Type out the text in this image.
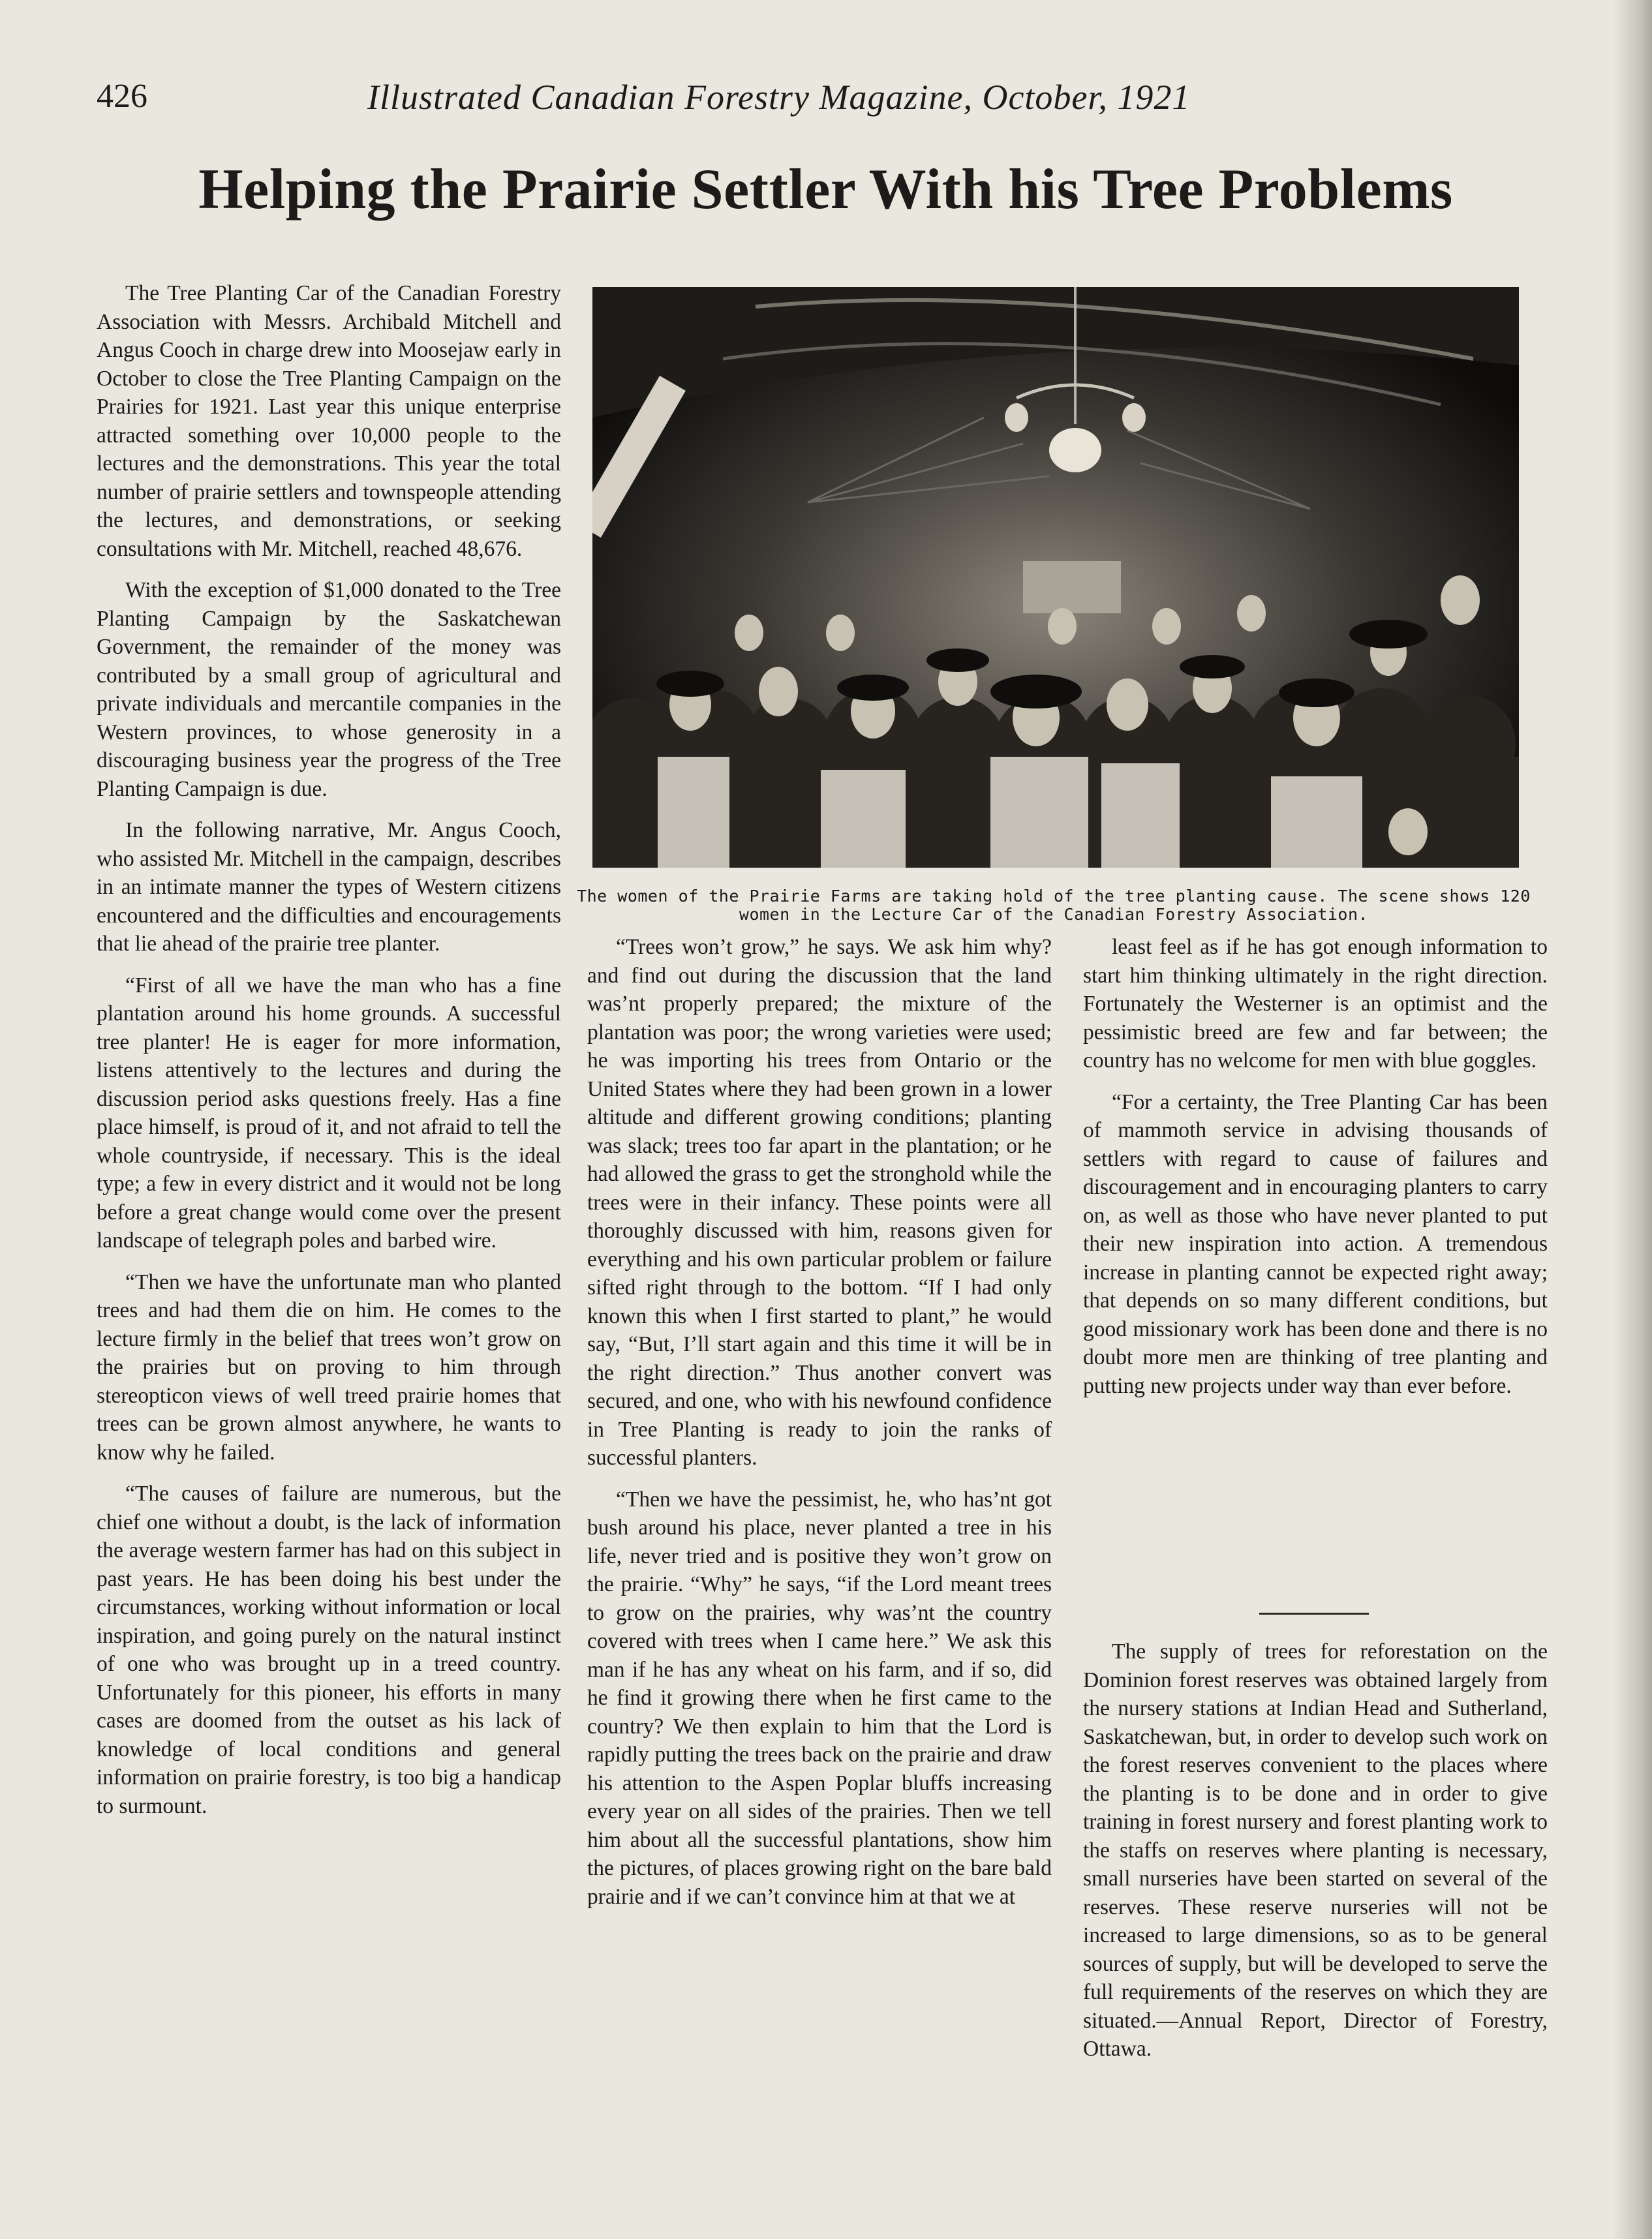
426	Illustrated Canadian Forestry Magazine, October, 1921
Helping the Prairie Settler With his Tree Problems

The Tree Planting Car of the Canadian Forestry Association with Messrs. Archibald Mitchell and Angus Cooch in charge drew into Moosejaw early in October to close the Tree Planting Campaign on the Prairies for 1921. Last year this unique enterprise attracted something over 10,000 people to the lectures and the demonstrations. This year the total number of prairie settlers and townspeople attending the lectures, and demonstrations, or seeking consultations with Mr. Mitchell, reached 48,676.

With the exception of $1,000 donated to the Tree Planting Campaign by the Saskatchewan Government, the remainder of the money was contributed by a small group of agricultural and private individuals and mercantile companies in the Western provinces, to whose generosity in a discouraging business year the progress of the Tree Planting Campaign is due.

In the following narrative, Mr. Angus Cooch, who assisted Mr. Mitchell in the campaign, describes in an intimate manner the types of Western citizens encountered and the difficulties and encouragements that lie ahead of the prairie tree planter.

“First of all we have the man who has a fine plantation around his home grounds. A successful tree planter! He is eager for more information, listens attentively to the lectures and during the discussion period asks questions freely. Has a fine place himself, is proud of it, and not afraid to tell the whole countryside, if necessary. This is the ideal type; a few in every district and it would not be long before a great change would come over the present landscape of telegraph poles and barbed wire.

“Then we have the unfortunate man who planted trees and had them die on him. He comes to the lecture firmly in the belief that trees won’t grow on the prairies but on proving to him through stereopticon views of well treed prairie homes that trees can be grown almost anywhere, he wants to know why he failed.

“The causes of failure are numerous, but the chief one without a doubt, is the lack of information the average western farmer has had on this subject in past years. He has been doing his best under the circumstances, working without information or local inspiration, and going purely on the natural instinct of one who was brought up in a treed country. Unfortunately for this pioneer, his efforts in many cases are doomed from the outset as his lack of knowledge of local conditions and general information on prairie forestry, is too big a handicap to surmount.

The women of the Prairie Farms are taking hold of the tree planting cause. The scene shows 120 women in the Lecture Car of the Canadian Forestry Association.

“Trees won’t grow,” he says. We ask him why? and find out during the discussion that the land was’nt properly prepared; the mixture of the plantation was poor; the wrong varieties were used; he was importing his trees from Ontario or the United States where they had been grown in a lower altitude and different growing conditions; planting was slack; trees too far apart in the plantation; or he had allowed the grass to get the stronghold while the trees were in their infancy. These points were all thoroughly discussed with him, reasons given for everything and his own particular problem or failure sifted right through to the bottom. “If I had only known this when I first started to plant,” he would say, “But, I’ll start again and this time it will be in the right direction.” Thus another convert was secured, and one, who with his newfound confidence in Tree Planting is ready to join the ranks of successful planters.

“Then we have the pessimist, he, who has’nt got bush around his place, never planted a tree in his life, never tried and is positive they won’t grow on the prairie. “Why” he says, “if the Lord meant trees to grow on the prairies, why was’nt the country covered with trees when I came here.” We ask this man if he has any wheat on his farm, and if so, did he find it growing there when he first came to the country? We then explain to him that the Lord is rapidly putting the trees back on the prairie and draw his attention to the Aspen Poplar bluffs increasing every year on all sides of the prairies. Then we tell him about all the successful plantations, show him the pictures, of places growing right on the bare bald prairie and if we can’t convince him at that we at

least feel as if he has got enough information to start him thinking ultimately in the right direction. Fortunately the Westerner is an optimist and the pessimistic breed are few and far between; the country has no welcome for men with blue goggles.

“For a certainty, the Tree Planting Car has been of mammoth service in advising thousands of settlers with regard to cause of failures and discouragement and in encouraging planters to carry on, as well as those who have never planted to put their new inspiration into action. A tremendous increase in planting cannot be expected right away; that depends on so many different conditions, but good missionary work has been done and there is no doubt more men are thinking of tree planting and putting new projects under way than ever before.

The supply of trees for reforestation on the Dominion forest reserves was obtained largely from the nursery stations at Indian Head and Sutherland, Saskatchewan, but, in order to develop such work on the forest reserves convenient to the places where the planting is to be done and in order to give training in forest nursery and forest planting work to the staffs on reserves where planting is necessary, small nurseries have been started on several of the reserves. These reserve nurseries will not be increased to large dimensions, so as to be general sources of supply, but will be developed to serve the full requirements of the reserves on which they are situated.—Annual Report, Director of Forestry, Ottawa.
